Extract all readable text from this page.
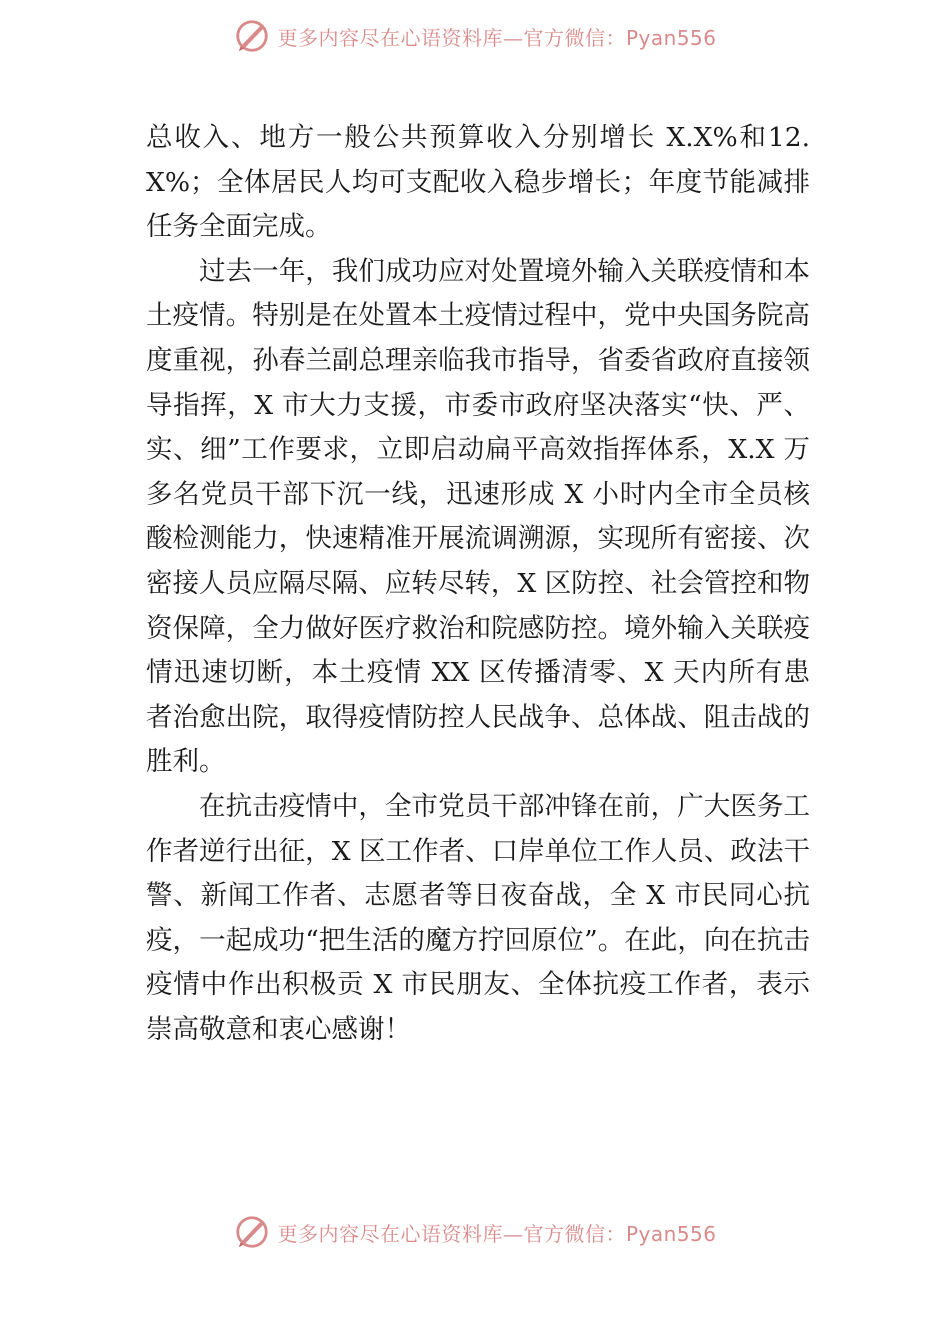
更多内容尽在心语资料库—官方微信：Pyan556

总收入、地方一般公共预算收入分别增长 X.X%和12.X%；全体居民人均可支配收入稳步增长；年度节能减排任务全面完成。

过去一年，我们成功应对处置境外输入关联疫情和本土疫情。特别是在处置本土疫情过程中，党中央国务院高度重视，孙春兰副总理亲临我市指导，省委省政府直接领导指挥，X 市大力支援，市委市政府坚决落实“快、严、实、细”工作要求，立即启动扁平高效指挥体系，X.X 万多名党员干部下沉一线，迅速形成 X 小时内全市全员核酸检测能力，快速精准开展流调溯源，实现所有密接、次密接人员应隔尽隔、应转尽转，X 区防控、社会管控和物资保障，全力做好医疗救治和院感防控。境外输入关联疫情迅速切断，本土疫情 XX 区传播清零、X 天内所有患者治愈出院，取得疫情防控人民战争、总体战、阻击战的胜利。

在抗击疫情中，全市党员干部冲锋在前，广大医务工作者逆行出征，X 区工作者、口岸单位工作人员、政法干警、新闻工作者、志愿者等日夜奋战，全 X 市民同心抗疫，一起成功“把生活的魔方拧回原位”。在此，向在抗击疫情中作出积极贡 X 市民朋友、全体抗疫工作者，表示崇高敬意和衷心感谢！

更多内容尽在心语资料库—官方微信：Pyan556
